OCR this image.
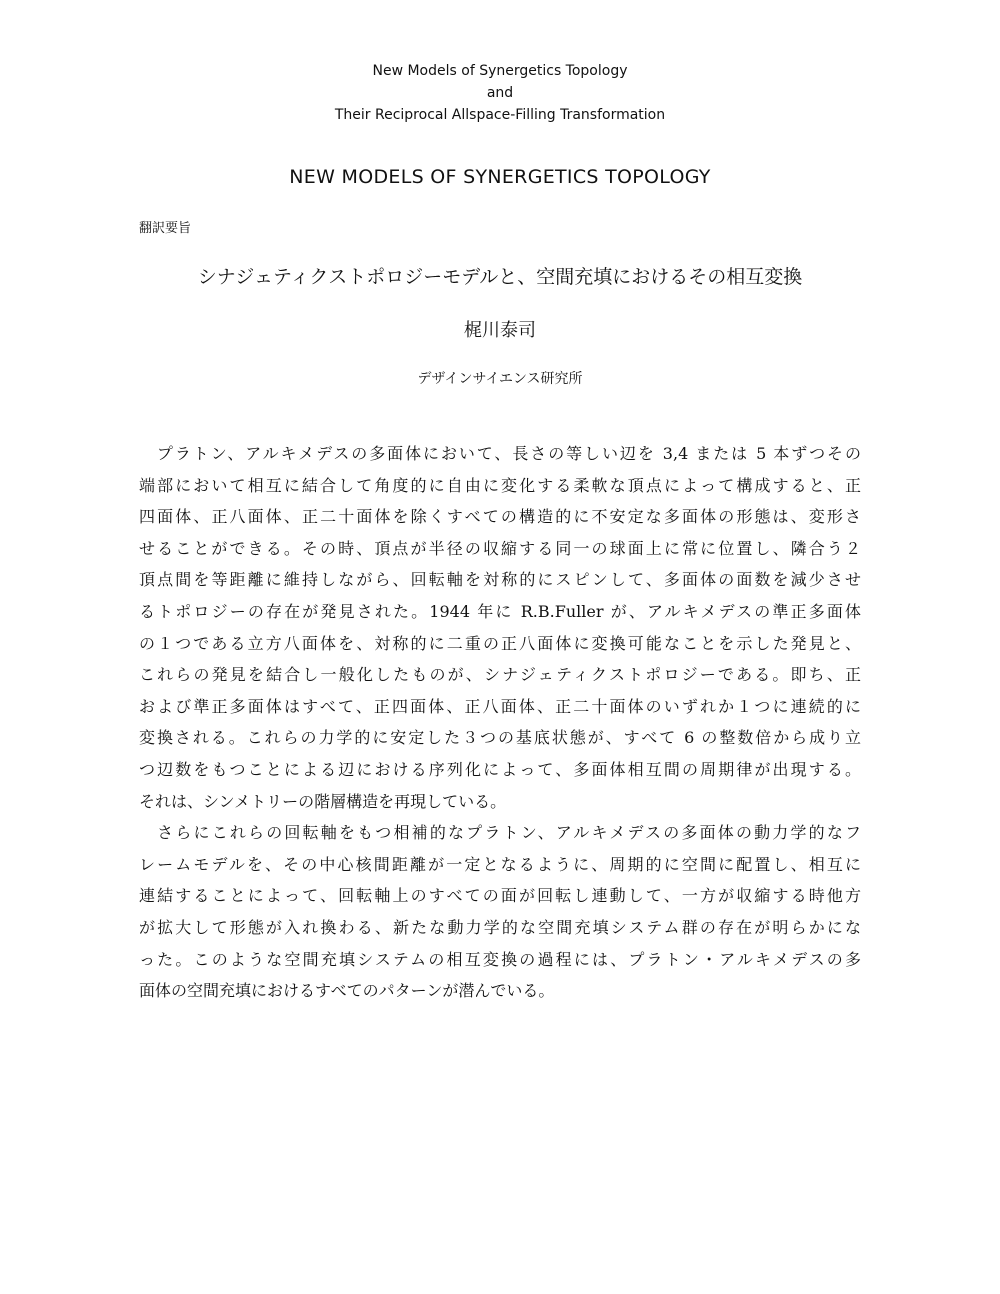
New Models of Synergetics Topology
and
Their Reciprocal Allspace-Filling Transformation
NEW MODELS OF SYNERGETICS TOPOLOGY
翻訳要旨
シナジェティクストポロジーモデルと、空間充填におけるその相互変換
梶川泰司
デザインサイエンス研究所
　プラトン、アルキメデスの多面体において、長さの等しい辺を 3,4 または 5 本ずつその
端部において相互に結合して角度的に自由に変化する柔軟な頂点によって構成すると、正
四面体、正八面体、正二十面体を除くすべての構造的に不安定な多面体の形態は、変形さ
せることができる。その時、頂点が半径の収縮する同一の球面上に常に位置し、隣合う２
頂点間を等距離に維持しながら、回転軸を対称的にスピンして、多面体の面数を減少させ
るトポロジーの存在が発見された。1944 年に R.B.Fuller が、アルキメデスの準正多面体
の１つである立方八面体を、対称的に二重の正八面体に変換可能なことを示した発見と、
これらの発見を結合し一般化したものが、シナジェティクストポロジーである。即ち、正
および準正多面体はすべて、正四面体、正八面体、正二十面体のいずれか１つに連続的に
変換される。これらの力学的に安定した３つの基底状態が、すべて 6 の整数倍から成り立
つ辺数をもつことによる辺における序列化によって、多面体相互間の周期律が出現する。
それは、シンメトリーの階層構造を再現している。
　さらにこれらの回転軸をもつ相補的なプラトン、アルキメデスの多面体の動力学的なフ
レームモデルを、その中心核間距離が一定となるように、周期的に空間に配置し、相互に
連結することによって、回転軸上のすべての面が回転し連動して、一方が収縮する時他方
が拡大して形態が入れ換わる、新たな動力学的な空間充填システム群の存在が明らかにな
った。このような空間充填システムの相互変換の過程には、プラトン・アルキメデスの多
面体の空間充填におけるすべてのパターンが潜んでいる。
